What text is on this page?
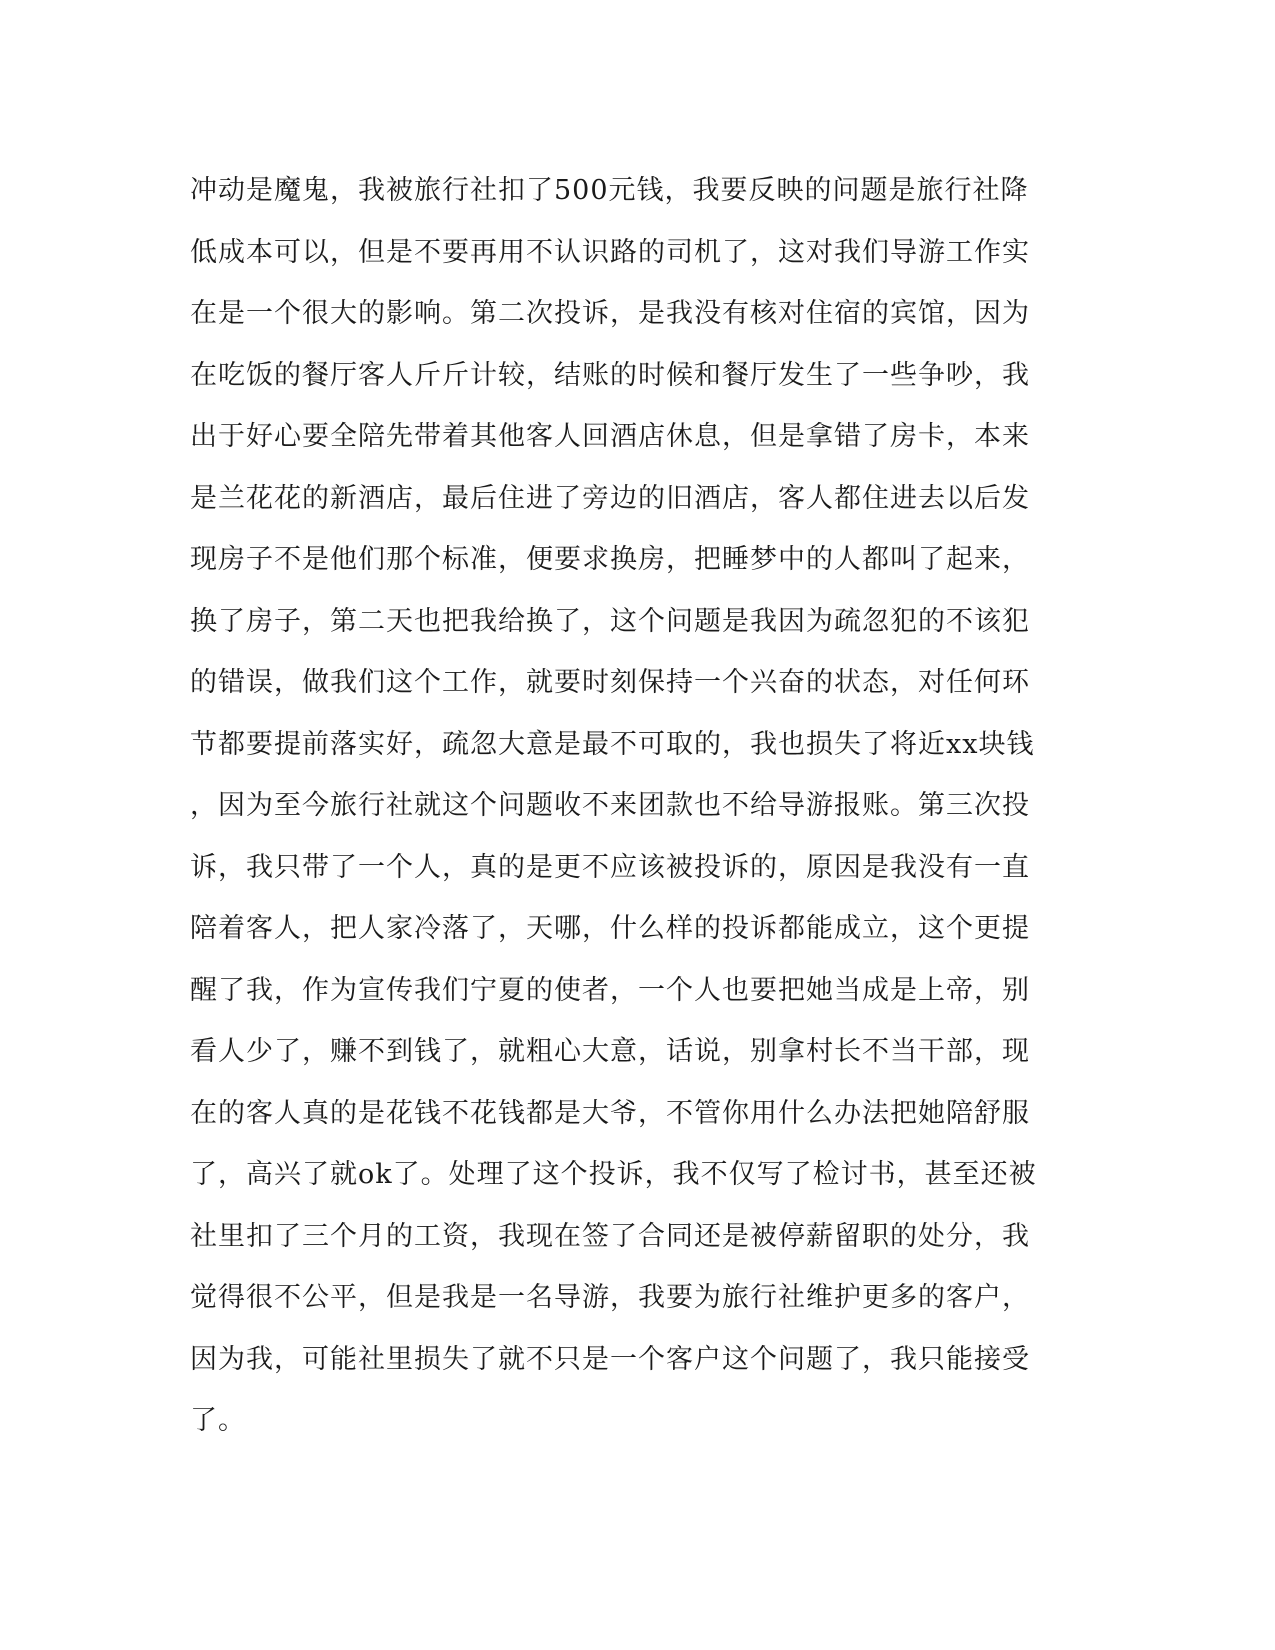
冲动是魔鬼，我被旅行社扣了500元钱，我要反映的问题是旅行社降
低成本可以，但是不要再用不认识路的司机了，这对我们导游工作实
在是一个很大的影响。第二次投诉，是我没有核对住宿的宾馆，因为
在吃饭的餐厅客人斤斤计较，结账的时候和餐厅发生了一些争吵，我
出于好心要全陪先带着其他客人回酒店休息，但是拿错了房卡，本来
是兰花花的新酒店，最后住进了旁边的旧酒店，客人都住进去以后发
现房子不是他们那个标准，便要求换房，把睡梦中的人都叫了起来，
换了房子，第二天也把我给换了，这个问题是我因为疏忽犯的不该犯
的错误，做我们这个工作，就要时刻保持一个兴奋的状态，对任何环
节都要提前落实好，疏忽大意是最不可取的，我也损失了将近xx块钱
，因为至今旅行社就这个问题收不来团款也不给导游报账。第三次投
诉，我只带了一个人，真的是更不应该被投诉的，原因是我没有一直
陪着客人，把人家冷落了，天哪，什么样的投诉都能成立，这个更提
醒了我，作为宣传我们宁夏的使者，一个人也要把她当成是上帝，别
看人少了，赚不到钱了，就粗心大意，话说，别拿村长不当干部，现
在的客人真的是花钱不花钱都是大爷，不管你用什么办法把她陪舒服
了，高兴了就ok了。处理了这个投诉，我不仅写了检讨书，甚至还被
社里扣了三个月的工资，我现在签了合同还是被停薪留职的处分，我
觉得很不公平，但是我是一名导游，我要为旅行社维护更多的客户，
因为我，可能社里损失了就不只是一个客户这个问题了，我只能接受
了。
